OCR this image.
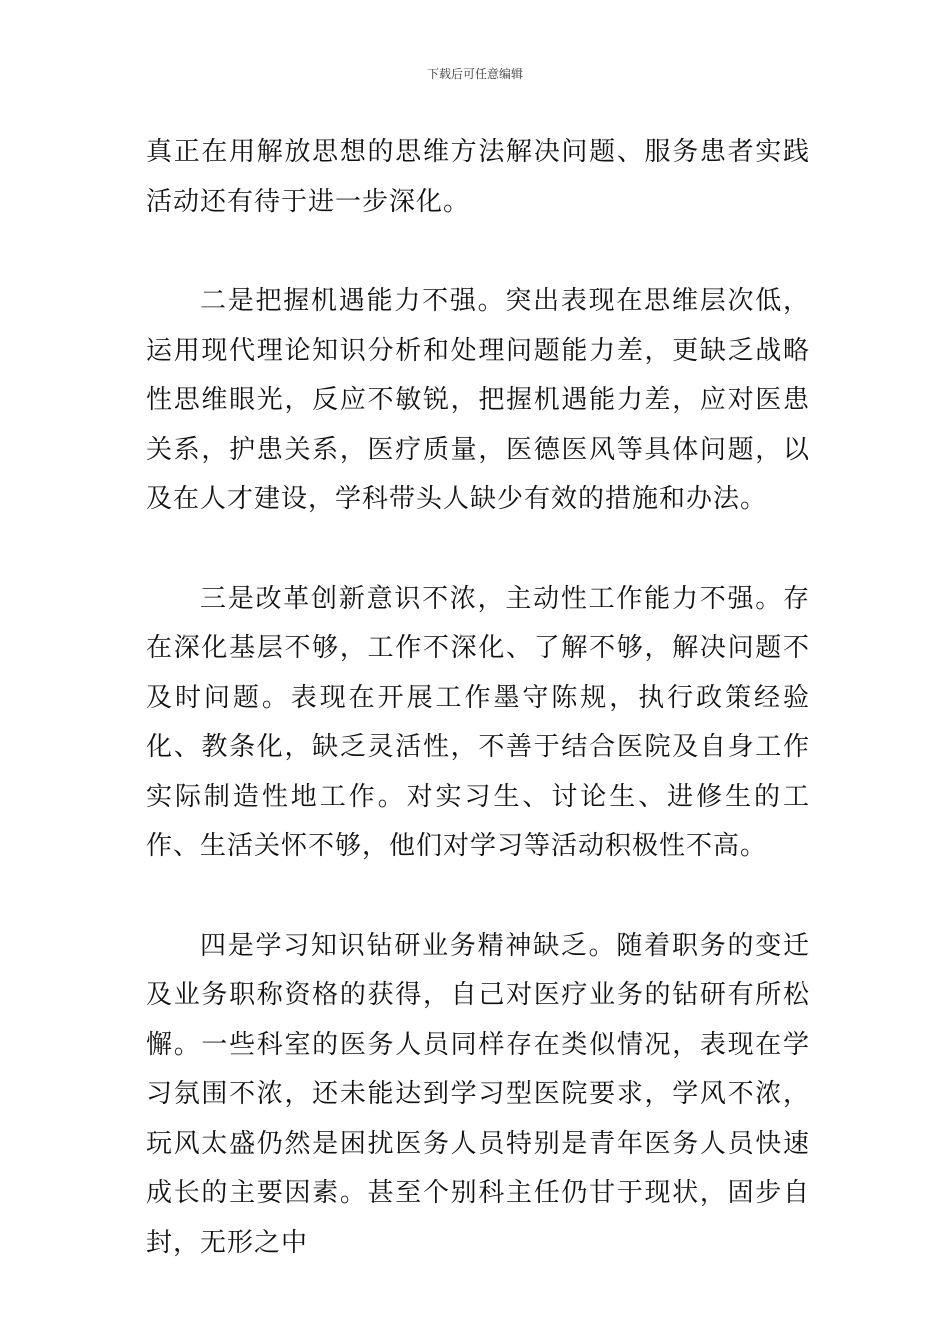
下载后可任意编辑

真正在用解放思想的思维方法解决问题、服务患者实践活动还有待于进一步深化。

二是把握机遇能力不强。突出表现在思维层次低，运用现代理论知识分析和处理问题能力差，更缺乏战略性思维眼光，反应不敏锐，把握机遇能力差，应对医患关系，护患关系，医疗质量，医德医风等具体问题，以及在人才建设，学科带头人缺少有效的措施和办法。

三是改革创新意识不浓，主动性工作能力不强。存在深化基层不够，工作不深化、了解不够，解决问题不及时问题。表现在开展工作墨守陈规，执行政策经验化、教条化，缺乏灵活性，不善于结合医院及自身工作实际制造性地工作。对实习生、讨论生、进修生的工作、生活关怀不够，他们对学习等活动积极性不高。

四是学习知识钻研业务精神缺乏。随着职务的变迁及业务职称资格的获得，自己对医疗业务的钻研有所松懈。一些科室的医务人员同样存在类似情况，表现在学习氛围不浓，还未能达到学习型医院要求，学风不浓，玩风太盛仍然是困扰医务人员特别是青年医务人员快速成长的主要因素。甚至个别科主任仍甘于现状，固步自封，无形之中
